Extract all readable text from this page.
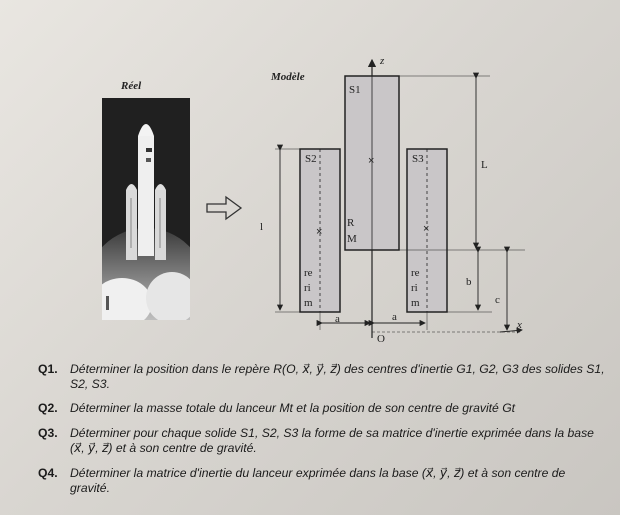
×
×	×
Réel
Modèle
z
x
O
S1
S2	S3
R
M
re
ri
m
re
ri
m
l
L
b
c
a	a
Q1.	Déterminer la position dans le repère R(O, x⃗, y⃗, z⃗) des centres d'inertie G1, G2, G3 des solides S1, S2, S3.
Q2.	Déterminer la masse totale du lanceur Mt et la position de son centre de gravité Gt
Q3.	Déterminer pour chaque solide S1, S2, S3 la forme de sa matrice d'inertie exprimée dans la base (x⃗, y⃗, z⃗) et à son centre de gravité.
Q4.	Déterminer la matrice d'inertie du lanceur exprimée dans la base (x⃗, y⃗, z⃗) et à son centre de gravité.
